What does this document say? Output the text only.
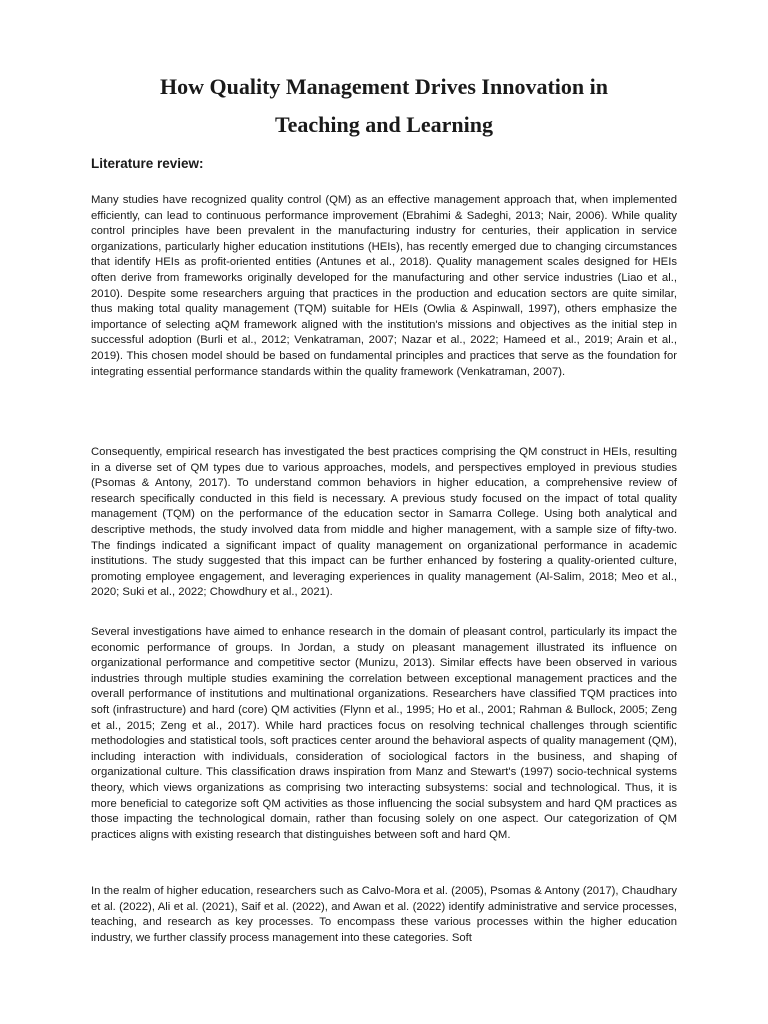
How Quality Management Drives Innovation in
Teaching and Learning
Literature review:

Many studies have recognized quality control (QM) as an effective management approach that, when implemented efficiently, can lead to continuous performance improvement (Ebrahimi & Sadeghi, 2013; Nair, 2006). While quality control principles have been prevalent in the manufacturing industry for centuries, their application in service organizations, particularly higher education institutions (HEIs), has recently emerged due to changing circumstances that identify HEIs as profit-oriented entities (Antunes et al., 2018). Quality management scales designed for HEIs often derive from frameworks originally developed for the manufacturing and other service industries (Liao et al., 2010). Despite some researchers arguing that practices in the production and education sectors are quite similar, thus making total quality management (TQM) suitable for HEIs (Owlia & Aspinwall, 1997), others emphasize the importance of selecting aQM framework aligned with the institution's missions and objectives as the initial step in successful adoption (Burli et al., 2012; Venkatraman, 2007; Nazar et al., 2022; Hameed et al., 2019; Arain et al., 2019). This chosen model should be based on fundamental principles and practices that serve as the foundation for integrating essential performance standards within the quality framework (Venkatraman, 2007).

Consequently, empirical research has investigated the best practices comprising the QM construct in HEIs, resulting in a diverse set of QM types due to various approaches, models, and perspectives employed in previous studies (Psomas & Antony, 2017). To understand common behaviors in higher education, a comprehensive review of research specifically conducted in this field is necessary. A previous study focused on the impact of total quality management (TQM) on the performance of the education sector in Samarra College. Using both analytical and descriptive methods, the study involved data from middle and higher management, with a sample size of fifty-two. The findings indicated a significant impact of quality management on organizational performance in academic institutions. The study suggested that this impact can be further enhanced by fostering a quality-oriented culture, promoting employee engagement, and leveraging experiences in quality management (Al-Salim, 2018; Meo et al., 2020; Suki et al., 2022; Chowdhury et al., 2021).

Several investigations have aimed to enhance research in the domain of pleasant control, particularly its impact the economic performance of groups. In Jordan, a study on pleasant management illustrated its influence on organizational performance and competitive sector (Munizu, 2013). Similar effects have been observed in various industries through multiple studies examining the correlation between exceptional management practices and the overall performance of institutions and multinational organizations. Researchers have classified TQM practices into soft (infrastructure) and hard (core) QM activities (Flynn et al., 1995; Ho et al., 2001; Rahman & Bullock, 2005; Zeng et al., 2015; Zeng et al., 2017). While hard practices focus on resolving technical challenges through scientific methodologies and statistical tools, soft practices center around the behavioral aspects of quality management (QM), including interaction with individuals, consideration of sociological factors in the business, and shaping of organizational culture. This classification draws inspiration from Manz and Stewart's (1997) socio-technical systems theory, which views organizations as comprising two interacting subsystems: social and technological. Thus, it is more beneficial to categorize soft QM activities as those influencing the social subsystem and hard QM practices as those impacting the technological domain, rather than focusing solely on one aspect. Our categorization of QM practices aligns with existing research that distinguishes between soft and hard QM.

In the realm of higher education, researchers such as Calvo-Mora et al. (2005), Psomas & Antony (2017), Chaudhary et al. (2022), Ali et al. (2021), Saif et al. (2022), and Awan et al. (2022) identify administrative and service processes, teaching, and research as key processes. To encompass these various processes within the higher education industry, we further classify process management into these categories. Soft
